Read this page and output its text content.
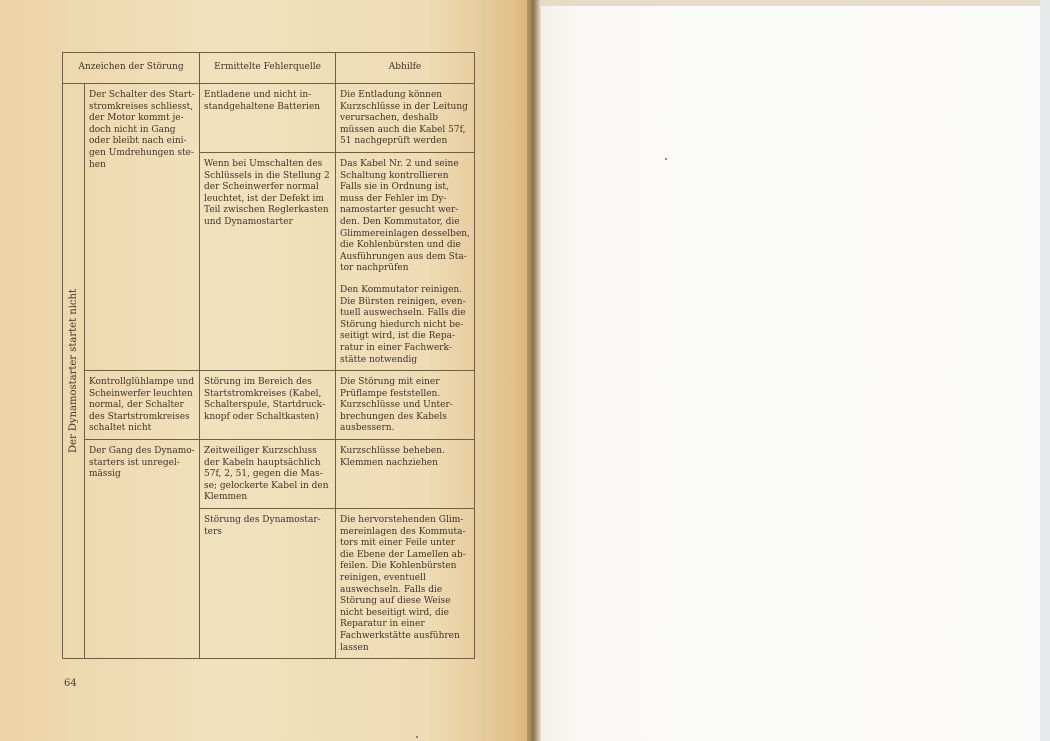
Anzeichen der Störung		Ermittelte Fehlerquelle	Abhilfe

Der Dynamostarter startet nicht	Der Schalter des Startstromkreises schliesst, der Motor kommt jedoch nicht in Gang oder bleibt nach einigen Umdrehungen stehen	Entladene und nicht instandgehaltene Batterien	Die Entladung können Kurzschlüsse in der Leitung verursachen, deshalb müssen auch die Kabel 57f, 51 nachgeprüft werden
		Wenn bei Umschalten des Schlüssels in die Stellung 2 der Scheinwerfer normal leuchtet, ist der Defekt im Teil zwischen Reglerkasten und Dynamostarter	Das Kabel Nr. 2 und seine Schaltung kontrollieren Falls sie in Ordnung ist, muss der Fehler im Dynamostarter gesucht werden. Den Kommutator, die Glimmereinlagen desselben, die Kohlenbürsten und die Ausführungen aus dem Stator nachprüfen
			Den Kommutator reinigen. Die Bürsten reinigen, eventuell auswechseln. Falls die Störung hiedurch nicht beseitigt wird, ist die Reparatur in einer Fachwerkstätte notwendig
	Kontrollglühlampe und Scheinwerfer leuchten normal, der Schalter des Startstromkreises schaltet nicht	Störung im Bereich des Startstromkreises (Kabel, Schalterspule, Startdruckknopf oder Schaltkasten)	Die Störung mit einer Prüflampe feststellen. Kurzschlüsse und Unterbrechungen des Kabels ausbessern.
	Der Gang des Dynamostarters ist unregelmässig	Zeitweiliger Kurzschluss der Kabeln hauptsächlich 57f, 2, 51, gegen die Masse; gelockerte Kabel in den Klemmen	Kurzschlüsse beheben. Klemmen nachziehen
		Störung des Dynamostarters	Die hervorstehenden Glimmereinlagen des Kommutators mit einer Feile unter die Ebene der Lamellen abfeilen. Die Kohlenbürsten reinigen, eventuell auswechseln. Falls die Störung auf diese Weise nicht beseitigt wird, die Reparatur in einer Fachwerkstätte ausführen lassen
64
